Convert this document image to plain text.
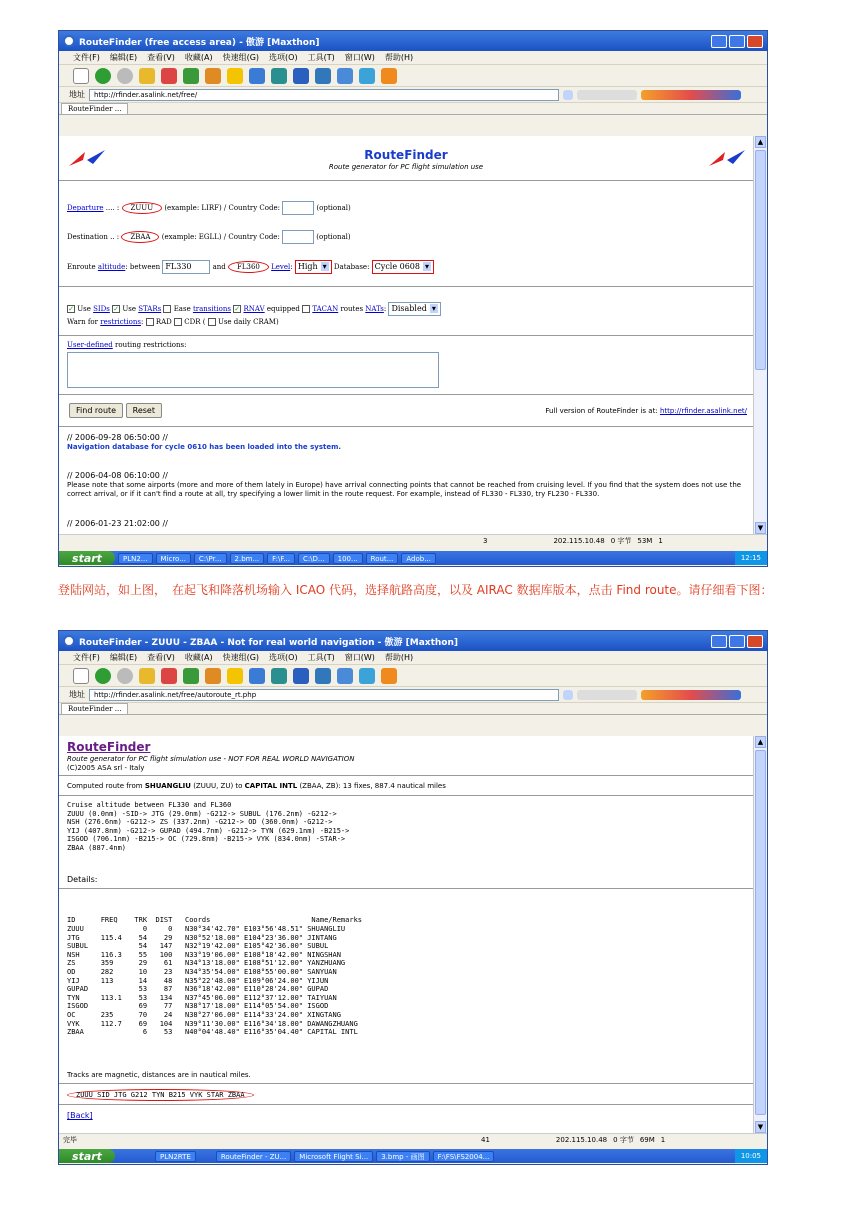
RouteFinder (free access area) - 傲游 [Maxthon]
文件(F) 编辑(E) 查看(V) 收藏(A) 快速组(G) 选项(O) 工具(T) 窗口(W) 帮助(H)
地址	http://rfinder.asalink.net/free/
RouteFinder ...
RouteFinder
Route generator for PC flight simulation use
Departure .... : ZUUU (example: LIRF) / Country Code:	(optional)
Destination .. : ZBAA (example: EGLL) / Country Code:	(optional)
Enroute altitude: between FL330	and FL360 Level: High ▾ Database: Cycle 0608 ▾
✓ Use SIDs ✓ Use STARs Ease transitions ✓ RNAV equipped TACAN routes NATs: Disabled ▾
Warn for restrictions:  RAD CDR ( Use daily CRAM)
User-defined routing restrictions:
Find route Reset	Full version of RouteFinder is at: http://rfinder.asalink.net/
// 2006-09-28 06:50:00 //
Navigation database for cycle 0610 has been loaded into the system.
// 2006-04-08 06:10:00 //
Please note that some airports (more and more of them lately in Europe) have arrival connecting points that cannot be reached from cruising level. If you find that the system does not use the correct arrival, or if it can't find a route at all, try specifying a lower limit in the route request. For example, instead of FL330 - FL330, try FL230 - FL330.
// 2006-01-23 21:02:00 //
▲
▼
3	202.115.10.48 0 字节 53M 1
start	PLN2...	Micro...	C:\Pr...	2.bm...	F:\F...	C:\D...	100...	Rout...	Adob...	12:15
登陆网站，如上图，　在起飞和降落机场输入 ICAO 代码，选择航路高度，以及 AIRAC 数据库版本，点击 Find route。请仔细看下图：
RouteFinder - ZUUU - ZBAA - Not for real world navigation - 傲游 [Maxthon]
文件(F) 编辑(E) 查看(V) 收藏(A) 快速组(G) 选项(O) 工具(T) 窗口(W) 帮助(H)
地址	http://rfinder.asalink.net/free/autoroute_rt.php
RouteFinder ...
RouteFinder
Route generator for PC flight simulation use - NOT FOR REAL WORLD NAVIGATION
(C)2005 ASA srl - Italy
Computed route from SHUANGLIU (ZUUU, ZU) to CAPITAL INTL (ZBAA, ZB): 13 fixes, 887.4 nautical miles
Cruise altitude between FL330 and FL360
ZUUU (0.0nm) -SID-> JTG (29.0nm) -G212-> SUBUL (176.2nm) -G212->
NSH (276.6nm) -G212-> ZS (337.2nm) -G212-> OD (360.0nm) -G212->
YIJ (407.8nm) -G212-> GUPAD (494.7nm) -G212-> TYN (629.1nm) -B215->
ISGOD (706.1nm) -B215-> OC (729.8nm) -B215-> VYK (834.0nm) -STAR->
ZBAA (887.4nm)
Details:
ID      FREQ    TRK  DIST   Coords                        Name/Remarks
ZUUU              0     0   N30°34'42.70" E103°56'48.51" SHUANGLIU
JTG     115.4    54    29   N30°52'18.00" E104°23'36.00" JINTANG
SUBUL            54   147   N32°19'42.00" E105°42'36.00" SUBUL
NSH     116.3    55   100   N33°19'06.00" E108°18'42.00" NINGSHAN
ZS      359      29    61   N34°13'18.00" E108°51'12.00" YANZHUANG
OD      282      10    23   N34°35'54.00" E108°55'00.00" SANYUAN
YIJ     113      14    48   N35°22'48.00" E109°06'24.00" YIJUN
GUPAD            53    87   N36°18'42.00" E110°28'24.00" GUPAD
TYN     113.1    53   134   N37°45'06.00" E112°37'12.00" TAIYUAN
ISGOD            69    77   N38°17'18.00" E114°05'54.00" ISGOD
OC      235      70    24   N38°27'06.00" E114°33'24.00" XINGTANG
VYK     112.7    69   104   N39°11'30.00" E116°34'18.00" DAWANGZHUANG
ZBAA              6    53   N40°04'48.40" E116°35'04.40" CAPITAL INTL
Tracks are magnetic, distances are in nautical miles.
ZUUU SID JTG G212 TYN B215 VYK STAR ZBAA
[Back]
▲
▼
完毕	41	202.115.10.48 0 字节 69M 1
start	PLN2RTE	RouteFinder - ZU...	Microsoft Flight Si...	3.bmp - 画图	F:\FS\FS2004...	10:05
